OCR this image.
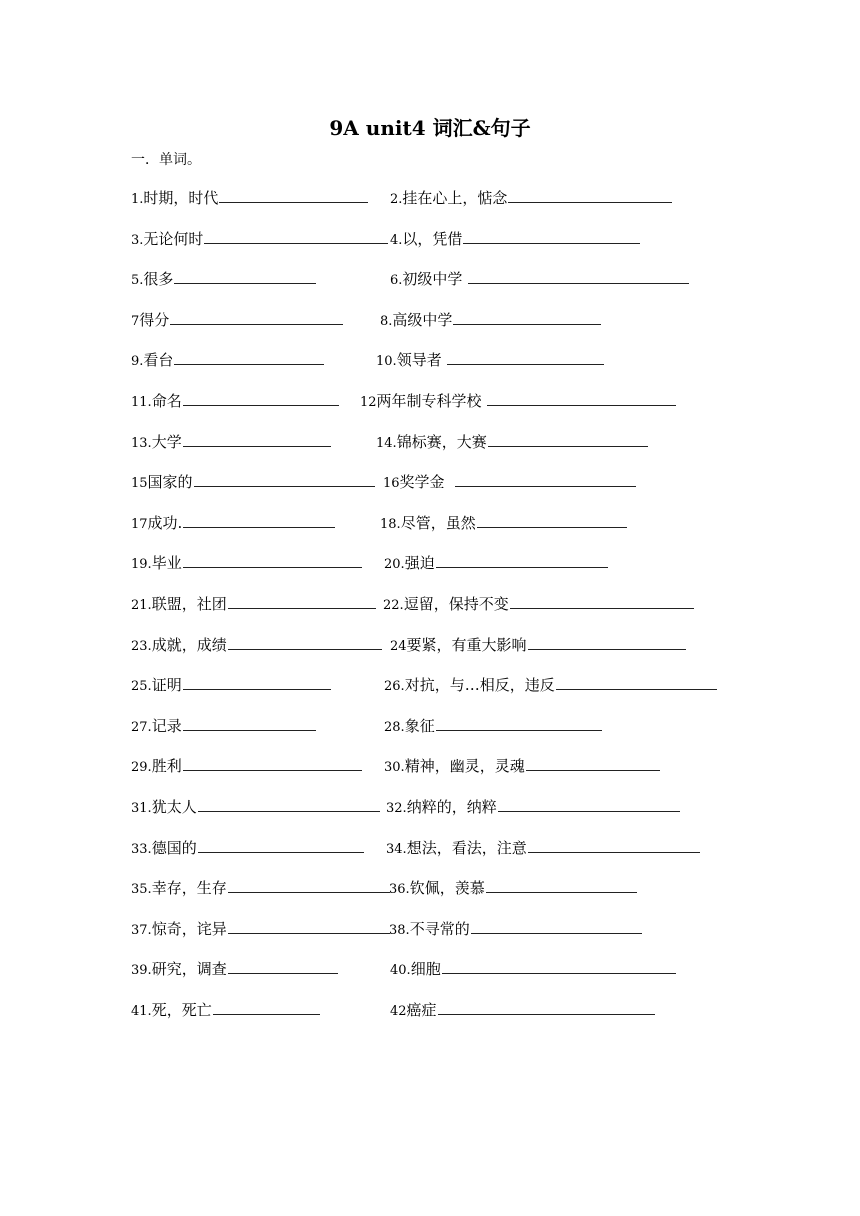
9A unit4 词汇&句子
一．单词。
1.时期，时代	2.挂在心上，惦念
3.无论何时	4.以，凭借
5.很多	6.初级中学
7得分	8.高级中学
9.看台	10.领导者
11.命名	12两年制专科学校
13.大学	14.锦标赛，大赛
15国家的	16奖学金
17成功.	18.尽管，虽然
19.毕业	20.强迫
21.联盟，社团	22.逗留，保持不变
23.成就，成绩	24要紧，有重大影响
25.证明	26.对抗，与…相反，违反
27.记录	28.象征
29.胜利	30.精神，幽灵，灵魂
31.犹太人	32.纳粹的，纳粹
33.德国的	34.想法，看法，注意
35.幸存，生存	36.钦佩，羡慕
37.惊奇，诧异	38.不寻常的
39.研究，调查	40.细胞
41.死，死亡	42癌症
